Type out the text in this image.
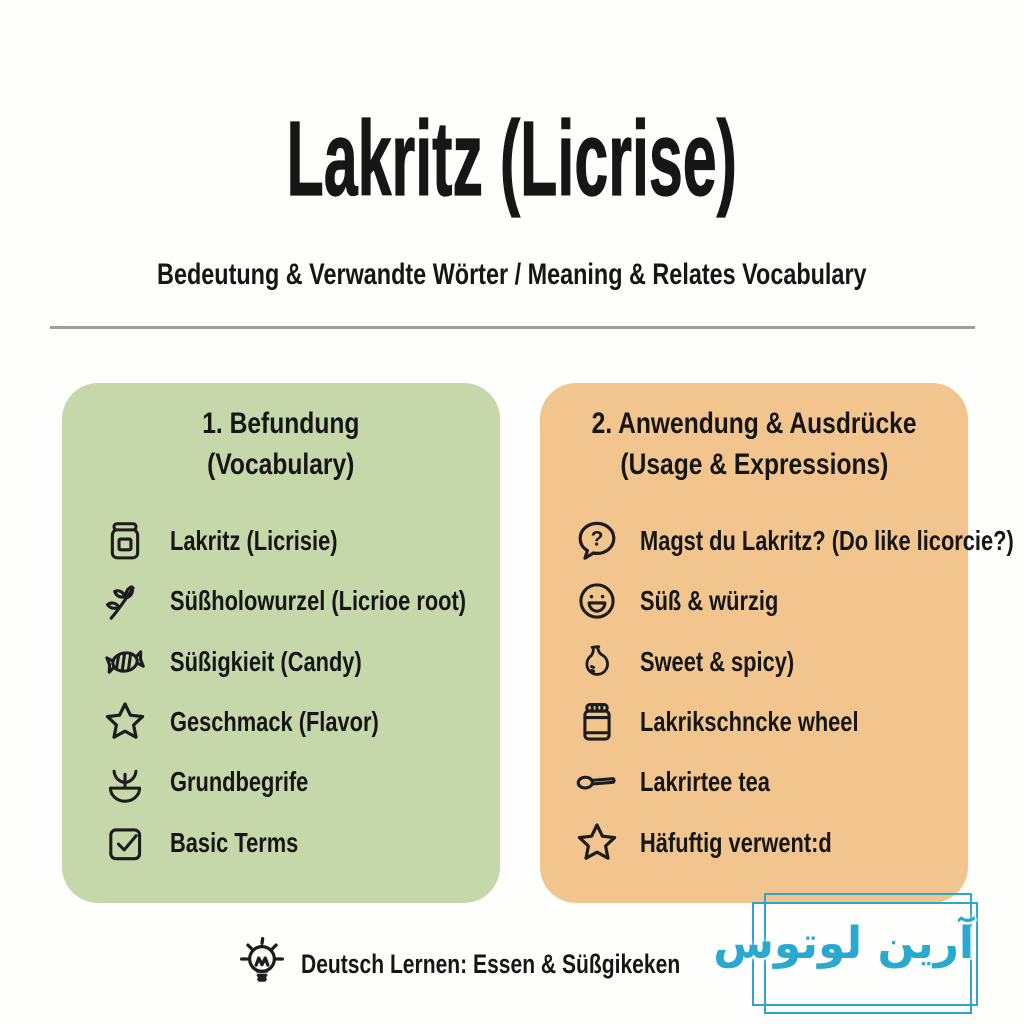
Lakritz (Licrise)
Bedeutung & Verwandte Wörter / Meaning & Relates Vocabulary
1. Befundung
(Vocabulary)
Lakritz (Licrisie)
Süßholowurzel (Licrioe root)
Süßigkieit (Candy)
Geschmack (Flavor)
Grundbegrife
Basic Terms
2. Anwendung & Ausdrücke
(Usage & Expressions)
? Magst du Lakritz? (Do like licorcie?)
Süß & würzig
Sweet & spicy)
Lakrikschncke wheel
Lakrirtee tea
Häfuftig verwent:d
Deutsch Lernen: Essen & Süßgikeken آرین لوتوس
